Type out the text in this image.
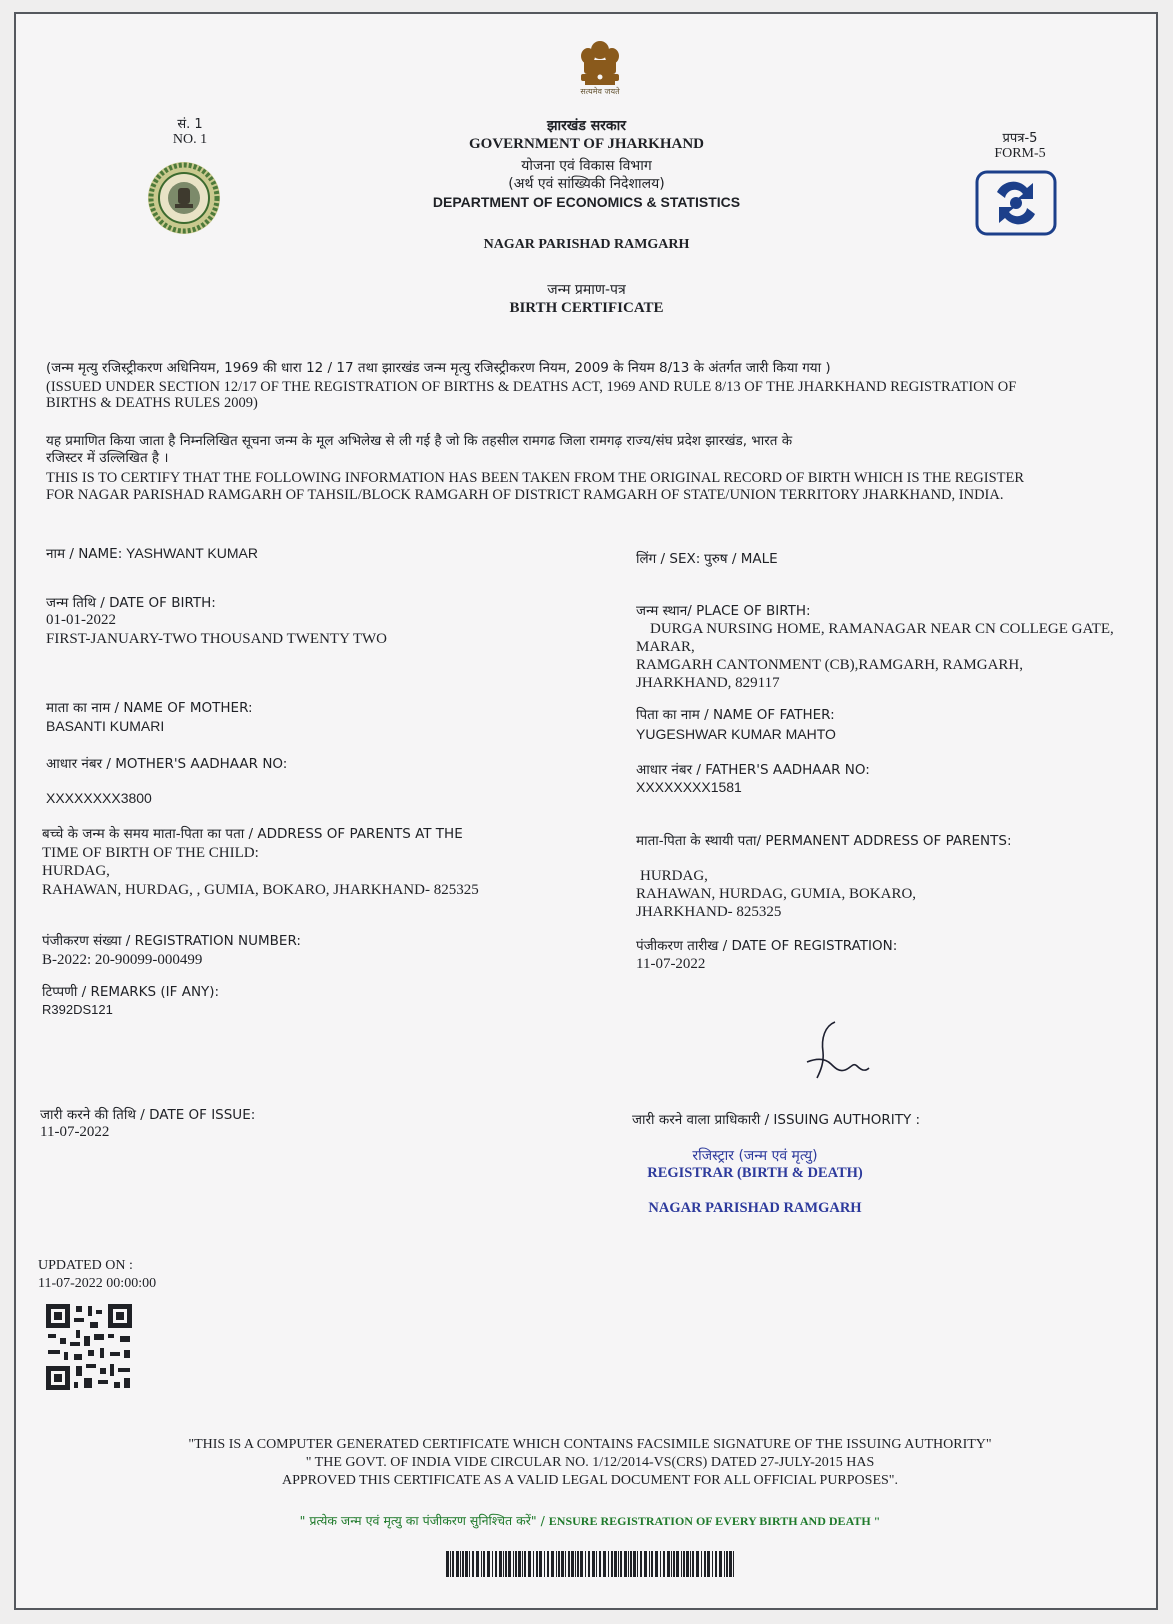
सत्यमेव जयते
सं. 1
NO. 1
झारखंड सरकार
GOVERNMENT OF JHARKHAND
योजना एवं विकास विभाग
(अर्थ एवं सांख्यिकी निदेशालय)
DEPARTMENT OF ECONOMICS & STATISTICS
NAGAR PARISHAD RAMGARH
जन्म प्रमाण-पत्र
BIRTH CERTIFICATE
प्रपत्र-5
FORM-5
(जन्म मृत्यु रजिस्ट्रीकरण अधिनियम, 1969 की धारा 12 / 17 तथा झारखंड जन्म मृत्यु रजिस्ट्रीकरण नियम, 2009 के नियम 8/13 के अंतर्गत जारी किया गया )
(ISSUED UNDER SECTION 12/17 OF THE REGISTRATION OF BIRTHS & DEATHS ACT, 1969 AND RULE 8/13 OF THE JHARKHAND REGISTRATION OF
BIRTHS & DEATHS RULES 2009)
यह प्रमाणित किया जाता है निम्नलिखित सूचना जन्म के मूल अभिलेख से ली गई है जो कि तहसील रामगढ जिला रामगढ़ राज्य/संघ प्रदेश झारखंड, भारत के
रजिस्टर में उल्लिखित है ।
THIS IS TO CERTIFY THAT THE FOLLOWING INFORMATION HAS BEEN TAKEN FROM THE ORIGINAL RECORD OF BIRTH WHICH IS THE REGISTER
FOR NAGAR PARISHAD RAMGARH OF TAHSIL/BLOCK RAMGARH OF DISTRICT RAMGARH OF STATE/UNION TERRITORY JHARKHAND, INDIA.
नाम / NAME: YASHWANT KUMAR
जन्म तिथि / DATE OF BIRTH:
01-01-2022
FIRST-JANUARY-TWO THOUSAND TWENTY TWO
माता का नाम / NAME OF MOTHER:
BASANTI KUMARI
आधार नंबर / MOTHER'S AADHAAR NO:
XXXXXXXX3800
बच्चे के जन्म के समय माता-पिता का पता / ADDRESS OF PARENTS AT THE
TIME OF BIRTH OF THE CHILD:
HURDAG,
RAHAWAN, HURDAG, , GUMIA, BOKARO, JHARKHAND- 825325
पंजीकरण संख्या / REGISTRATION NUMBER:
B-2022: 20-90099-000499
टिप्पणी / REMARKS (IF ANY):
R392DS121
जारी करने की तिथि / DATE OF ISSUE:
11-07-2022
लिंग / SEX: पुरुष / MALE
जन्म स्थान/ PLACE OF BIRTH:
DURGA NURSING HOME, RAMANAGAR NEAR CN COLLEGE GATE,
MARAR,
RAMGARH CANTONMENT (CB),RAMGARH, RAMGARH,
JHARKHAND, 829117
पिता का नाम / NAME OF FATHER:
YUGESHWAR KUMAR MAHTO
आधार नंबर / FATHER'S AADHAAR NO:
XXXXXXXX1581
माता-पिता के स्थायी पता/ PERMANENT ADDRESS OF PARENTS:
HURDAG,
RAHAWAN, HURDAG, GUMIA, BOKARO,
JHARKHAND- 825325
पंजीकरण तारीख / DATE OF REGISTRATION:
11-07-2022
जारी करने वाला प्राधिकारी / ISSUING AUTHORITY :
रजिस्ट्रार (जन्म एवं मृत्यु)
REGISTRAR (BIRTH & DEATH)
NAGAR PARISHAD RAMGARH
UPDATED ON :
11-07-2022 00:00:00
"THIS IS A COMPUTER GENERATED CERTIFICATE WHICH CONTAINS FACSIMILE SIGNATURE OF THE ISSUING AUTHORITY"
" THE GOVT. OF INDIA VIDE CIRCULAR NO. 1/12/2014-VS(CRS) DATED 27-JULY-2015 HAS
APPROVED THIS CERTIFICATE AS A VALID LEGAL DOCUMENT FOR ALL OFFICIAL PURPOSES".
" प्रत्येक जन्म एवं मृत्यु का पंजीकरण सुनिश्चित करें" / ENSURE REGISTRATION OF EVERY BIRTH AND DEATH "
